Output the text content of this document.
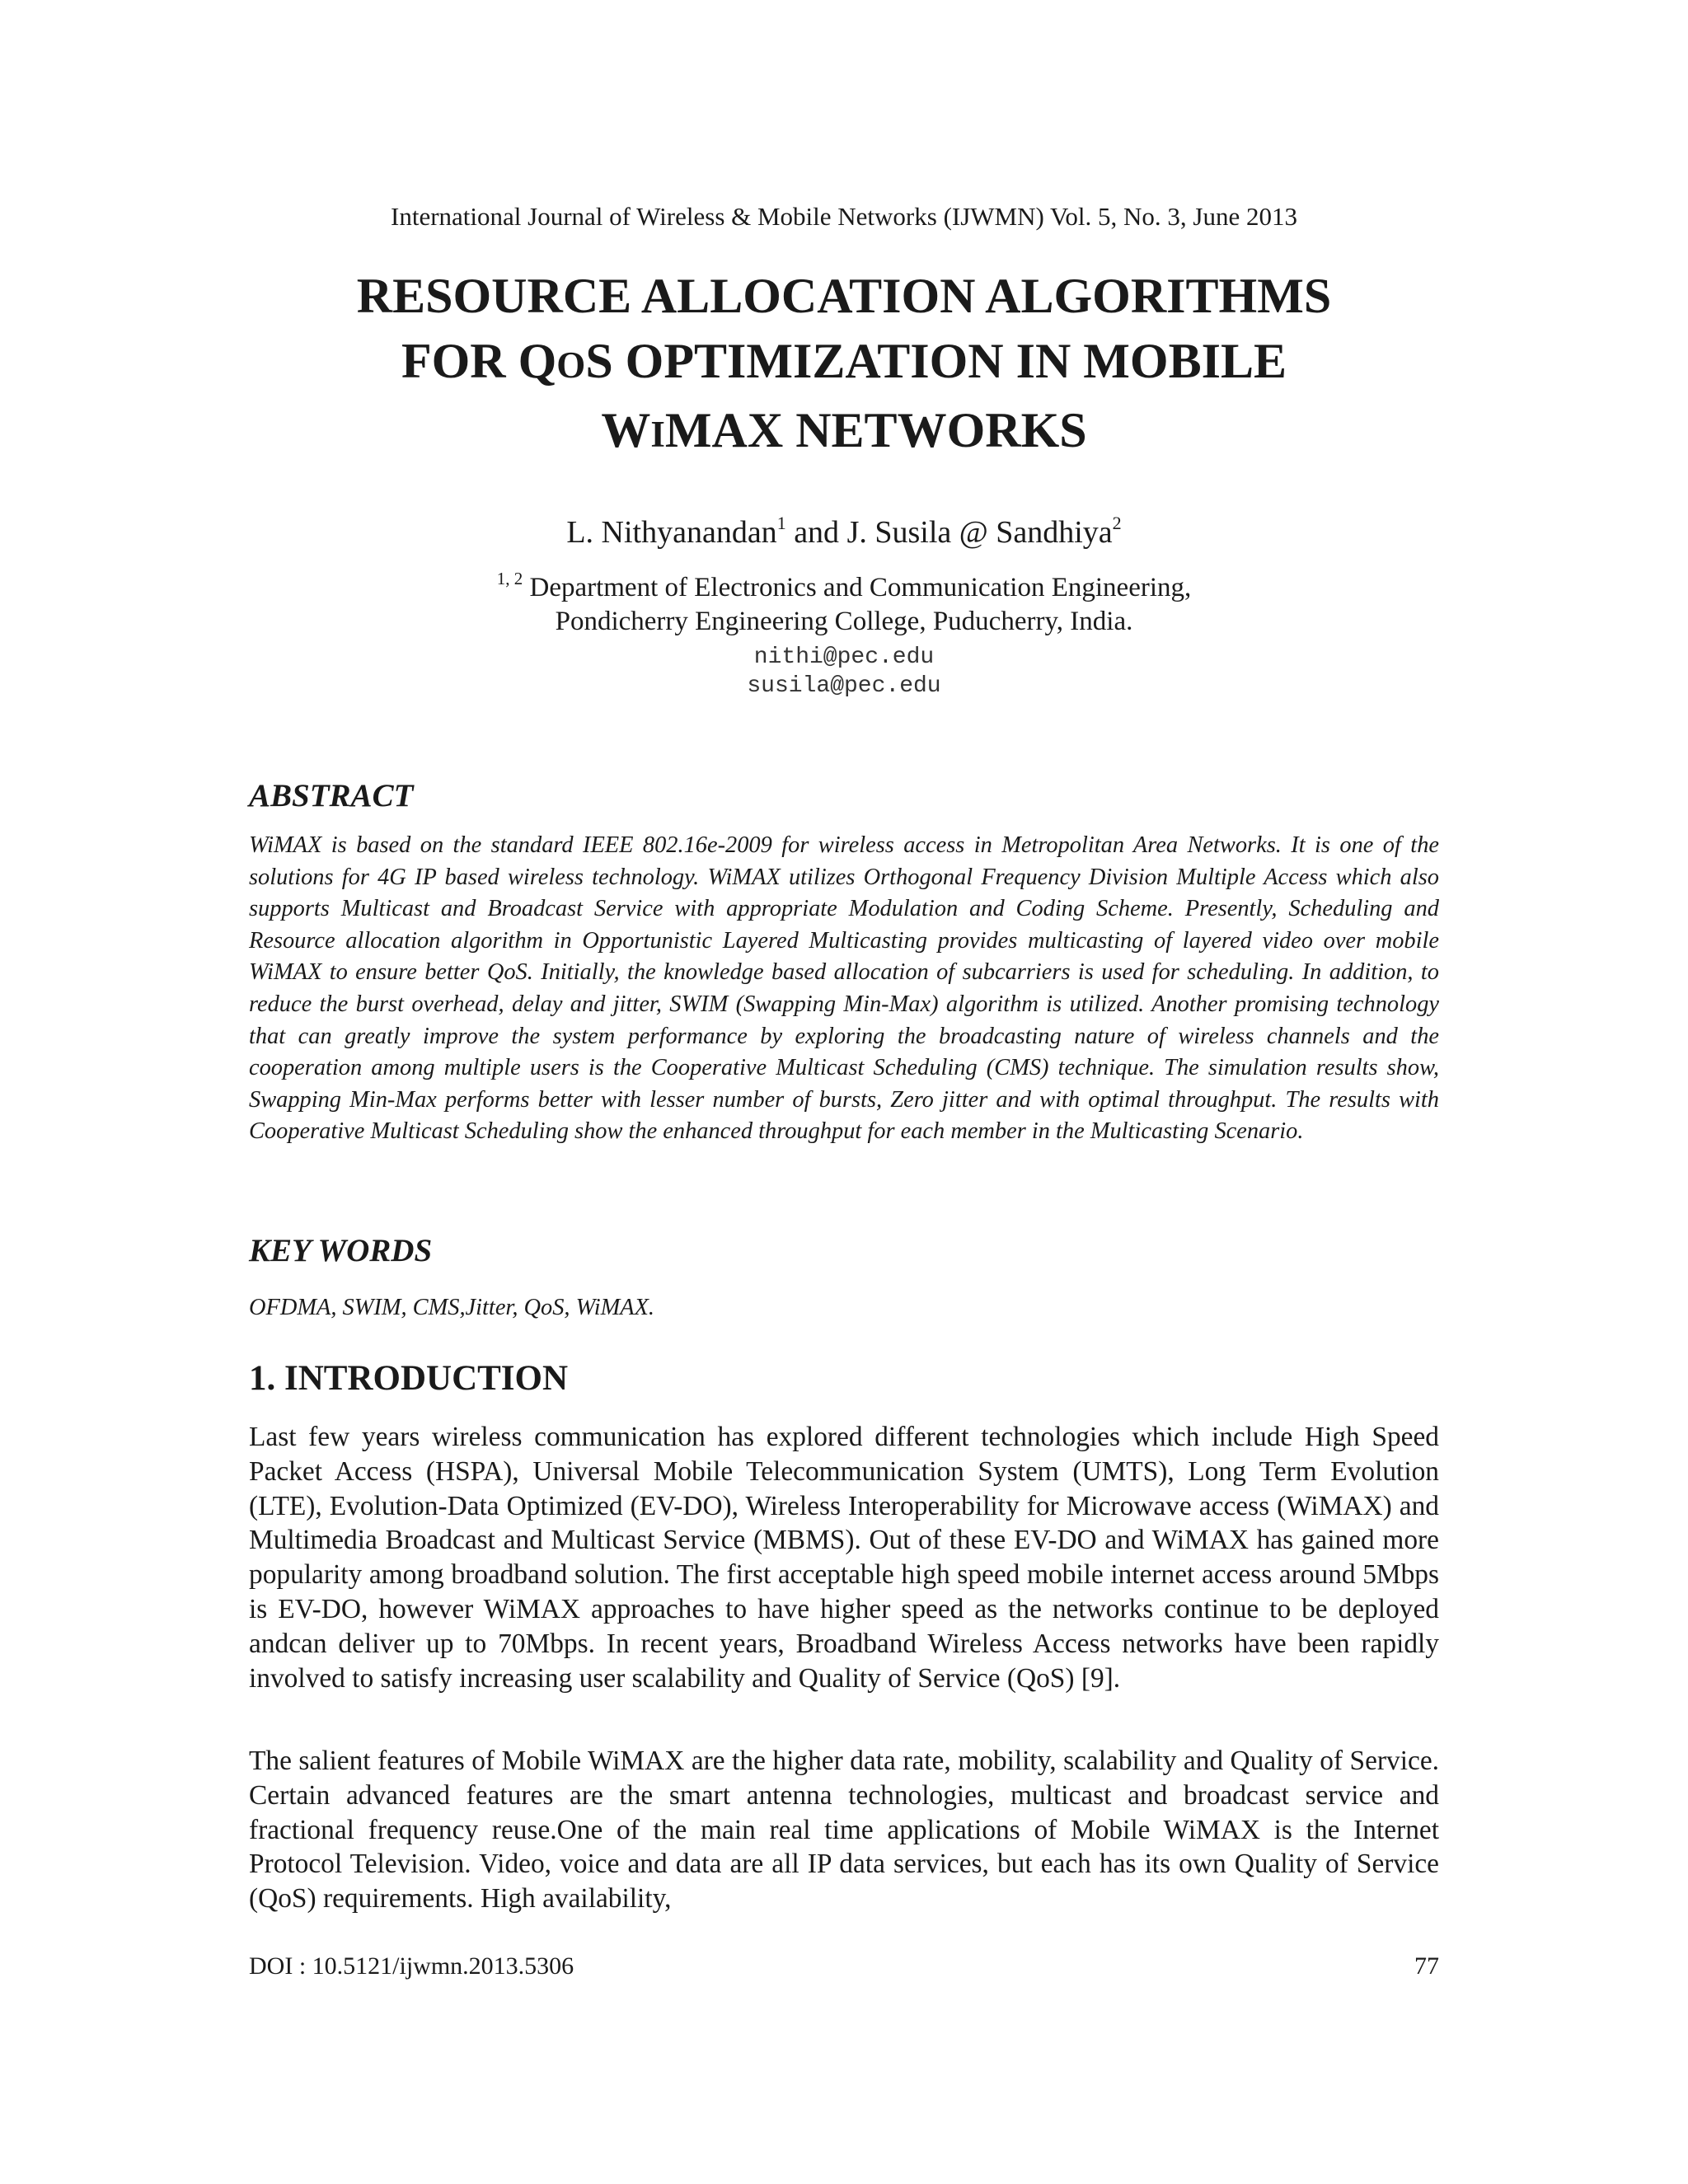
International Journal of Wireless & Mobile Networks (IJWMN) Vol. 5, No. 3, June 2013
RESOURCE ALLOCATION ALGORITHMS
FOR QOS OPTIMIZATION IN MOBILE
WIMAX NETWORKS
L. Nithyanandan$^1$ and J. Susila @ Sandhiya$^2$
$^{1, 2}$ Department of Electronics and Communication Engineering,
Pondicherry Engineering College, Puducherry, India.
nithi@pec.edu
susila@pec.edu
ABSTRACT

WiMAX is based on the standard IEEE 802.16e-2009 for wireless access in Metropolitan Area Networks. It is one of the solutions for 4G IP based wireless technology. WiMAX utilizes Orthogonal Frequency Division Multiple Access which also supports Multicast and Broadcast Service with appropriate Modulation and Coding Scheme. Presently, Scheduling and Resource allocation algorithm in Opportunistic Layered Multicasting provides multicasting of layered video over mobile WiMAX to ensure better QoS. Initially, the knowledge based allocation of subcarriers is used for scheduling. In addition, to reduce the burst overhead, delay and jitter, SWIM (Swapping Min-Max) algorithm is utilized. Another promising technology that can greatly improve the system performance by exploring the broadcasting nature of wireless channels and the cooperation among multiple users is the Cooperative Multicast Scheduling (CMS) technique. The simulation results show, Swapping Min-Max performs better with lesser number of bursts, Zero jitter and with optimal throughput. The results with Cooperative Multicast Scheduling show the enhanced throughput for each member in the Multicasting Scenario.

KEY WORDS

OFDMA, SWIM, CMS,Jitter, QoS, WiMAX.

1. INTRODUCTION

Last few years wireless communication has explored different technologies which include High Speed Packet Access (HSPA), Universal Mobile Telecommunication System (UMTS), Long Term Evolution (LTE), Evolution-Data Optimized (EV-DO), Wireless Interoperability for Microwave access (WiMAX) and Multimedia Broadcast and Multicast Service (MBMS). Out of these EV-DO and WiMAX has gained more popularity among broadband solution. The first acceptable high speed mobile internet access around 5Mbps is EV-DO, however WiMAX approaches to have higher speed as the networks continue to be deployed andcan deliver up to 70Mbps. In recent years, Broadband Wireless Access networks have been rapidly involved to satisfy increasing user scalability and Quality of Service (QoS) [9].

The salient features of Mobile WiMAX are the higher data rate, mobility, scalability and Quality of Service. Certain advanced features are the smart antenna technologies, multicast and broadcast service and fractional frequency reuse.One of the main real time applications of Mobile WiMAX is the Internet Protocol Television. Video, voice and data are all IP data services, but each has its own Quality of Service (QoS) requirements. High availability,

DOI : 10.5121/ijwmn.2013.5306	77
